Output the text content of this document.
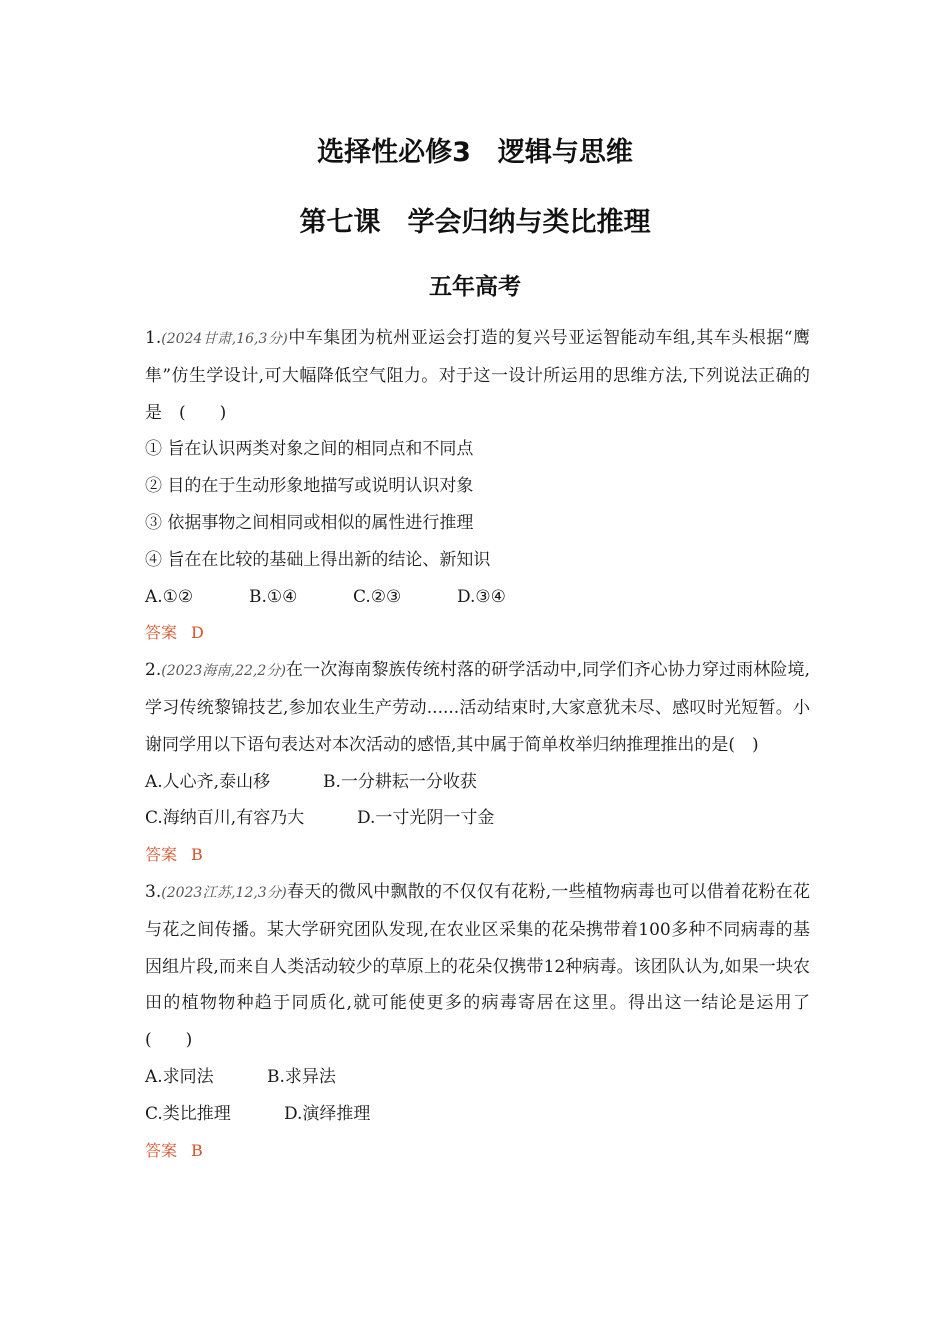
选择性必修3　逻辑与思维
第七课　学会归纳与类比推理
五年高考
1.(2024甘肃,16,3分)中车集团为杭州亚运会打造的复兴号亚运智能动车组,其车头根据“鹰隼”仿生学设计,可大幅降低空气阻力。对于这一设计所运用的思维方法,下列说法正确的是　(　　)
① 旨在认识两类对象之间的相同点和不同点
② 目的在于生动形象地描写或说明认识对象
③ 依据事物之间相同或相似的属性进行推理
④ 旨在在比较的基础上得出新的结论、新知识
A.①②	B.①④	C.②③	D.③④
答案 D
2.(2023海南,22,2分)在一次海南黎族传统村落的研学活动中,同学们齐心协力穿过雨林险境,学习传统黎锦技艺,参加农业生产劳动......活动结束时,大家意犹未尽、感叹时光短暂。小谢同学用以下语句表达对本次活动的感悟,其中属于简单枚举归纳推理推出的是(　)
A.人心齐,泰山移	B.一分耕耘一分收获
C.海纳百川,有容乃大	D.一寸光阴一寸金
答案 B
3.(2023江苏,12,3分)春天的微风中飘散的不仅仅有花粉,一些植物病毒也可以借着花粉在花与花之间传播。某大学研究团队发现,在农业区采集的花朵携带着100多种不同病毒的基因组片段,而来自人类活动较少的草原上的花朵仅携带12种病毒。该团队认为,如果一块农田的植物物种趋于同质化,就可能使更多的病毒寄居在这里。得出这一结论是运用了　(　　)
A.求同法	B.求异法
C.类比推理	D.演绎推理
答案 B
